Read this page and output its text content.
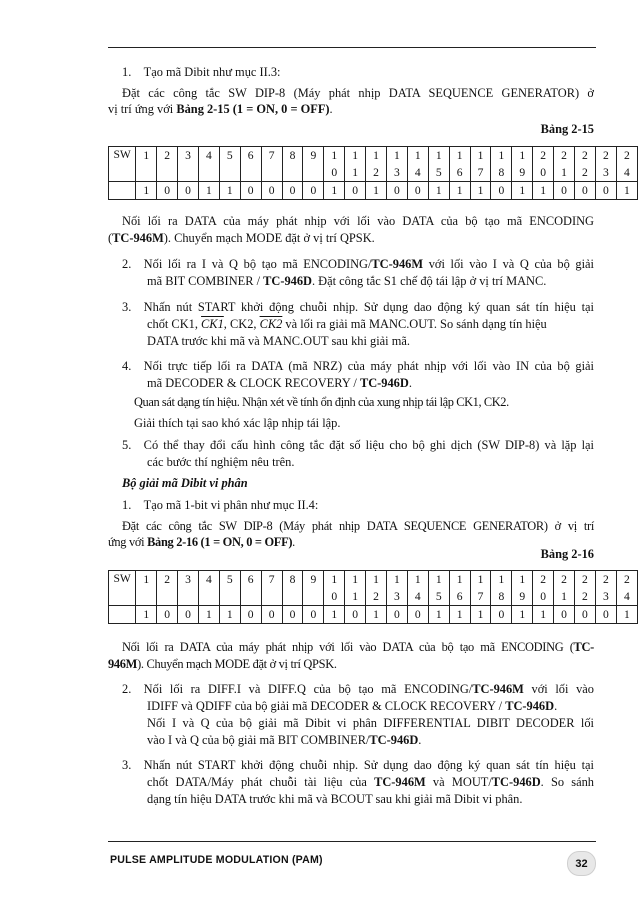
1. Tạo mã Dibit như mục II.3:
Đặt các công tắc SW DIP-8 (Máy phát nhịp DATA SEQUENCE GENERATOR) ở
vị trí ứng với Bảng 2-15 (1 = ON, 0 = OFF).
Bảng 2-15
SW	1	2	3	4	5	6	7	8	9	1	1	1	1	1	1	1	1	1	1	2	2	2	2	2
										0	1	2	3	4	5	6	7	8	9	0	1	2	3	4
	1	0	0	1	1	0	0	0	0	1	0	1	0	0	1	1	1	0	1	1	0	0	0	1
Nối lối ra DATA của máy phát nhịp với lối vào DATA của bộ tạo mã ENCODING
(TC-946M). Chuyển mạch MODE đặt ở vị trí QPSK.
2. Nối lối ra I và Q bộ tạo mã ENCODING/TC-946M với lối vào I và Q của bộ giải
mã BIT COMBINER / TC-946D. Đặt công tắc S1 chế độ tái lập ở vị trí MANC.
3. Nhấn nút START khởi động chuỗi nhịp. Sử dụng dao động ký quan sát tín hiệu tại
chốt CK1, CK1, CK2, CK2 và lối ra giải mã MANC.OUT. So sánh dạng tín hiệu
DATA trước khi mã và MANC.OUT sau khi giải mã.
4. Nối trực tiếp lối ra DATA (mã NRZ) của máy phát nhịp với lối vào IN của bộ giải
mã DECODER & CLOCK RECOVERY / TC-946D.
Quan sát dạng tín hiệu. Nhận xét về tính ổn định của xung nhịp tái lập CK1, CK2.
Giải thích tại sao khó xác lập nhịp tái lập.
5. Có thể thay đổi cấu hình công tắc đặt số liệu cho bộ ghi dịch (SW DIP-8) và lặp lại
các bước thí nghiệm nêu trên.
Bộ giải mã Dibit vi phân
1. Tạo mã 1-bit vi phân như mục II.4:
Đặt các công tắc SW DIP-8 (Máy phát nhịp DATA SEQUENCE GENERATOR) ở vị trí
ứng với Bảng 2-16 (1 = ON, 0 = OFF).
Bảng 2-16
SW	1	2	3	4	5	6	7	8	9	1	1	1	1	1	1	1	1	1	1	2	2	2	2	2
										0	1	2	3	4	5	6	7	8	9	0	1	2	3	4
	1	0	0	1	1	0	0	0	0	1	0	1	0	0	1	1	1	0	1	1	0	0	0	1
Nối lối ra DATA của máy phát nhịp với lối vào DATA của bộ tạo mã ENCODING (TC-
946M). Chuyển mạch MODE đặt ở vị trí QPSK.
2. Nối lối ra DIFF.I và DIFF.Q của bộ tạo mã ENCODING/TC-946M với lối vào
IDIFF và QDIFF của bộ giải mã DECODER & CLOCK RECOVERY / TC-946D.
Nối I và Q của bộ giải mã Dibit vi phân DIFFERENTIAL DIBIT DECODER lối
vào I và Q của bộ giải mã BIT COMBINER/TC-946D.
3. Nhấn nút START khởi động chuỗi nhịp. Sử dụng dao động ký quan sát tín hiệu tại
chốt DATA/Máy phát chuỗi tài liệu của TC-946M và MOUT/TC-946D. So sánh
dạng tín hiệu DATA trước khi mã và BCOUT sau khi giải mã Dibit vi phân.
PULSE AMPLITUDE MODULATION (PAM)	32
